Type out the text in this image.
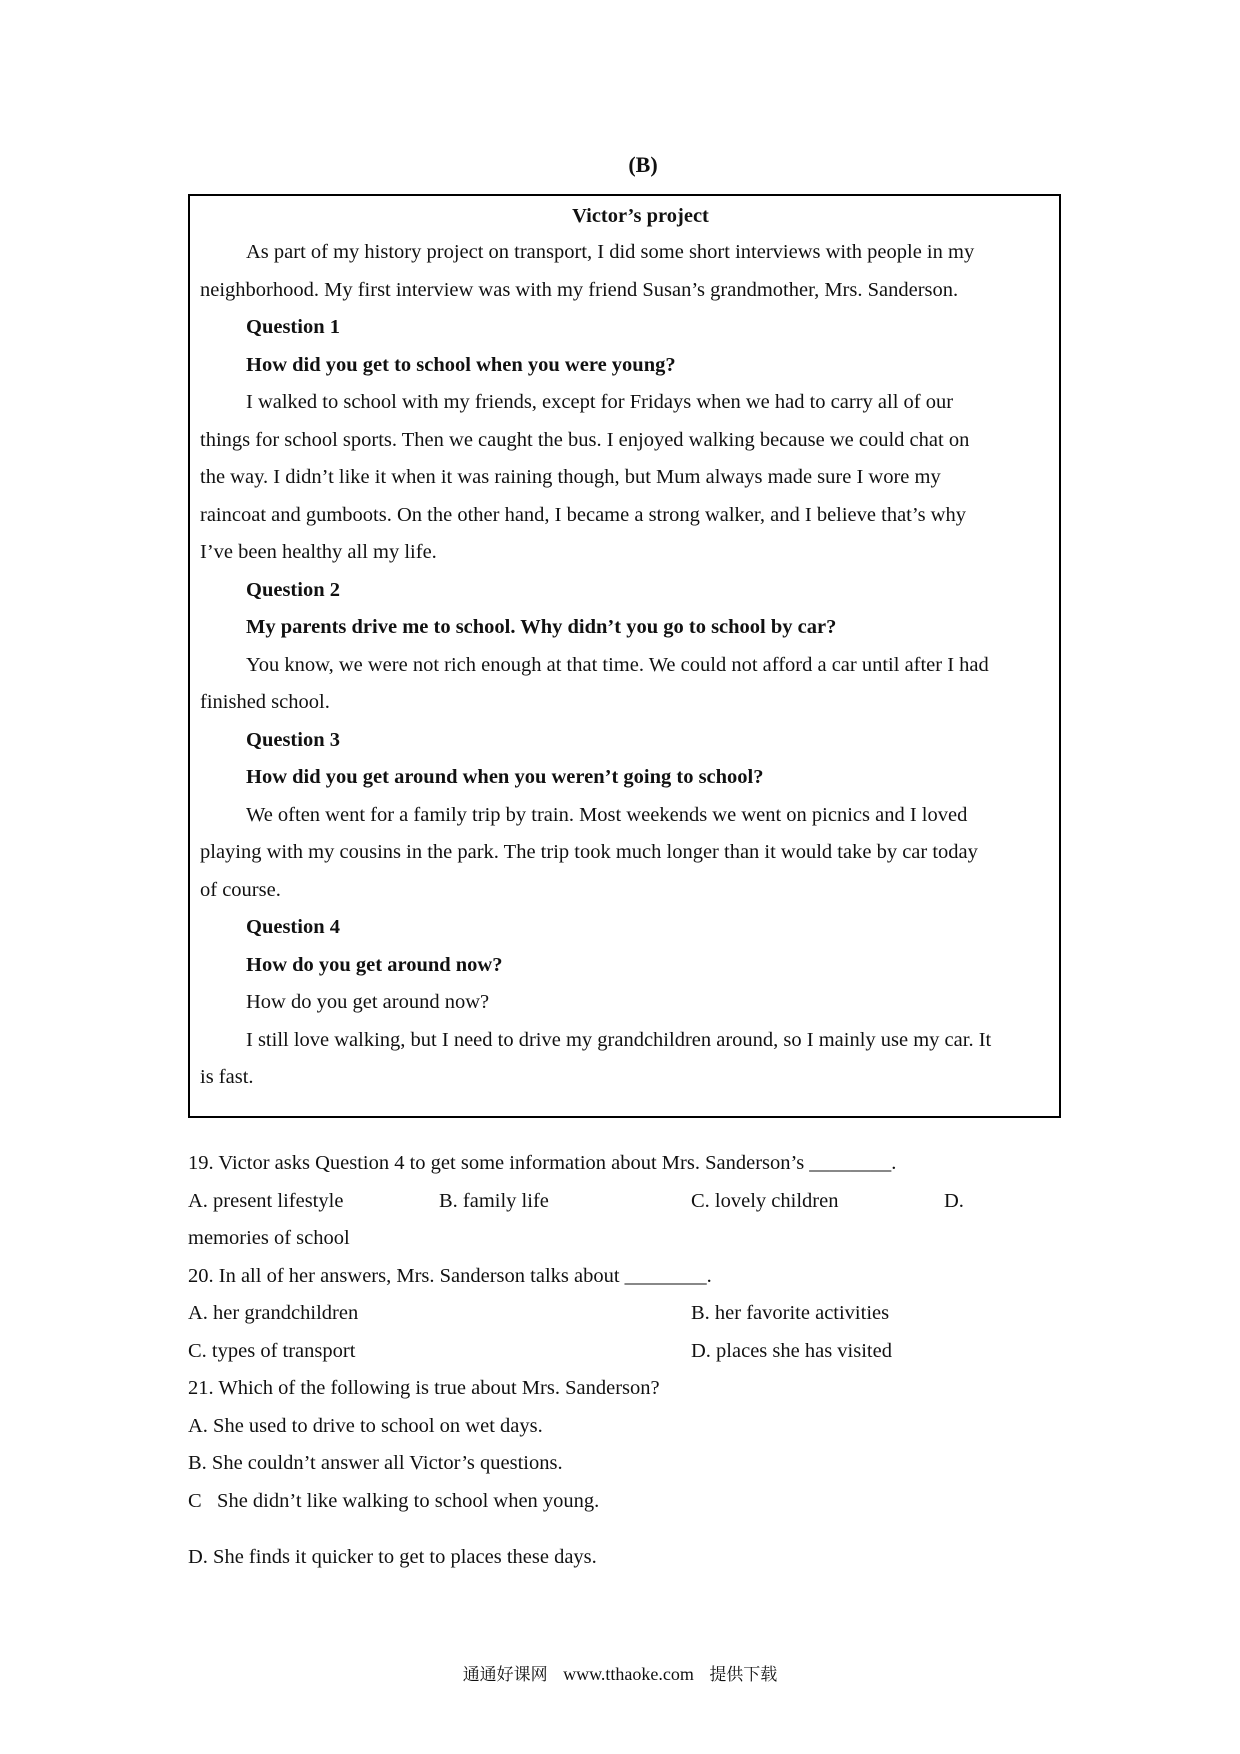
(B)
Victor’s project
As part of my history project on transport, I did some short interviews with people in my
neighborhood. My first interview was with my friend Susan’s grandmother, Mrs. Sanderson.
Question 1
How did you get to school when you were young?
I walked to school with my friends, except for Fridays when we had to carry all of our
things for school sports. Then we caught the bus. I enjoyed walking because we could chat on
the way. I didn’t like it when it was raining though, but Mum always made sure I wore my
raincoat and gumboots. On the other hand, I became a strong walker, and I believe that’s why
I’ve been healthy all my life.
Question 2
My parents drive me to school. Why didn’t you go to school by car?
You know, we were not rich enough at that time. We could not afford a car until after I had
finished school.
Question 3
How did you get around when you weren’t going to school?
We often went for a family trip by train. Most weekends we went on picnics and I loved
playing with my cousins in the park. The trip took much longer than it would take by car today
of course.
Question 4
How do you get around now?
How do you get around now?
I still love walking, but I need to drive my grandchildren around, so I mainly use my car. It
is fast.
19. Victor asks Question 4 to get some information about Mrs. Sanderson’s ________.
A. present lifestyle	B. family life	C. lovely children	D.
memories of school
20. In all of her answers, Mrs. Sanderson talks about ________.
A. her grandchildren	B. her favorite activities
C. types of transport	D. places she has visited
21. Which of the following is true about Mrs. Sanderson?
A. She used to drive to school on wet days.
B. She couldn’t answer all Victor’s questions.
C   She didn’t like walking to school when young.
D. She finds it quicker to get to places these days.
通通好课网 www.tthaoke.com 提供下载
